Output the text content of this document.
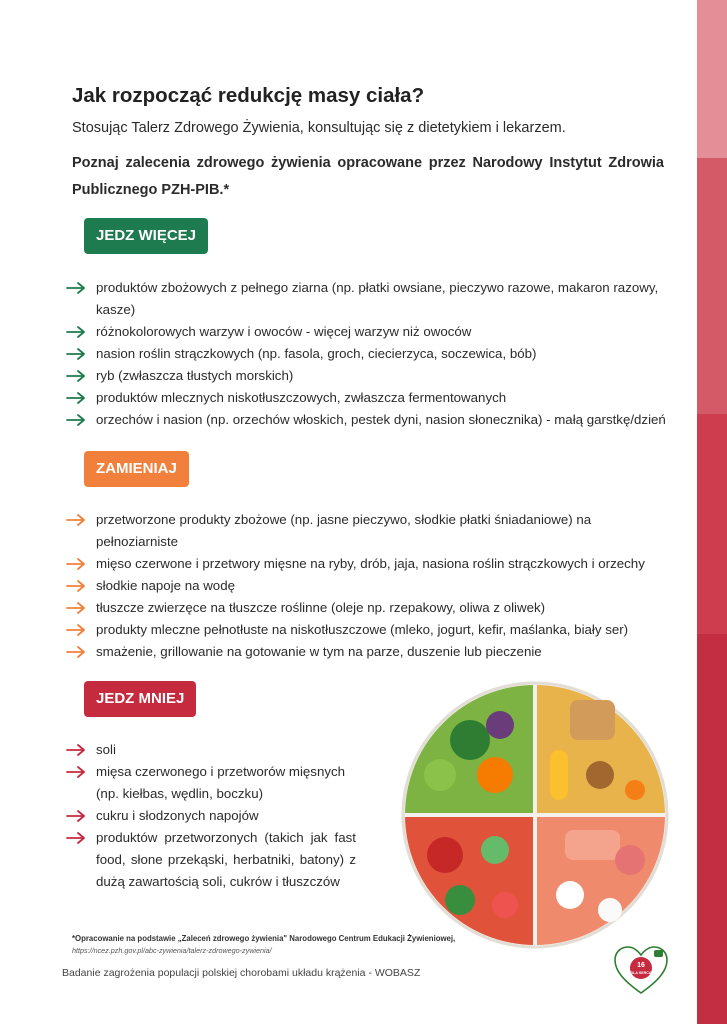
Jak rozpocząć redukcję masy ciała?

Stosując Talerz Zdrowego Żywienia, konsultując się z dietetykiem i lekarzem.

Poznaj zalecenia zdrowego żywienia opracowane przez Narodowy Instytut Zdrowia Publicznego PZH-PIB.*

JEDZ WIĘCEJ
produktów zbożowych z pełnego ziarna (np. płatki owsiane, pieczywo razowe, makaron razowy, kasze)
różnokolorowych warzyw i owoców - więcej warzyw niż owoców
nasion roślin strączkowych (np. fasola, groch, ciecierzyca, soczewica, bób)
ryb (zwłaszcza tłustych morskich)
produktów mlecznych niskotłuszczowych, zwłaszcza fermentowanych
orzechów i nasion (np. orzechów włoskich, pestek dyni, nasion słonecznika) - małą garstkę/dzień
ZAMIENIAJ
przetworzone produkty zbożowe (np. jasne pieczywo, słodkie płatki śniadaniowe) na pełnoziarniste
mięso czerwone i przetwory mięsne na ryby, drób, jaja, nasiona roślin strączkowych i orzechy
słodkie napoje na wodę
tłuszcze zwierzęce na tłuszcze roślinne (oleje np. rzepakowy, oliwa z oliwek)
produkty mleczne pełnotłuste na niskotłuszczowe (mleko, jogurt, kefir, maślanka, biały ser)
smażenie, grillowanie na gotowanie w tym na parze, duszenie lub pieczenie
JEDZ MNIEJ
soli
mięsa czerwonego i przetworów mięsnych (np. kiełbas, wędlin, boczku)
cukru i słodzonych napojów
produktów przetworzonych (takich jak fast food, słone przekąski, herbatniki, batony) z dużą zawartością soli, cukrów i tłuszczów
*Opracowanie na podstawie „Zaleceń zdrowego żywienia" Narodowego Centrum Edukacji Żywieniowej,
https://ncez.pzh.gov.pl/abc-zywienia/talerz-zdrowego-zywienia/
Badanie zagrożenia populacji polskiej chorobami układu krążenia - WOBASZ
16
DLA SERCA
